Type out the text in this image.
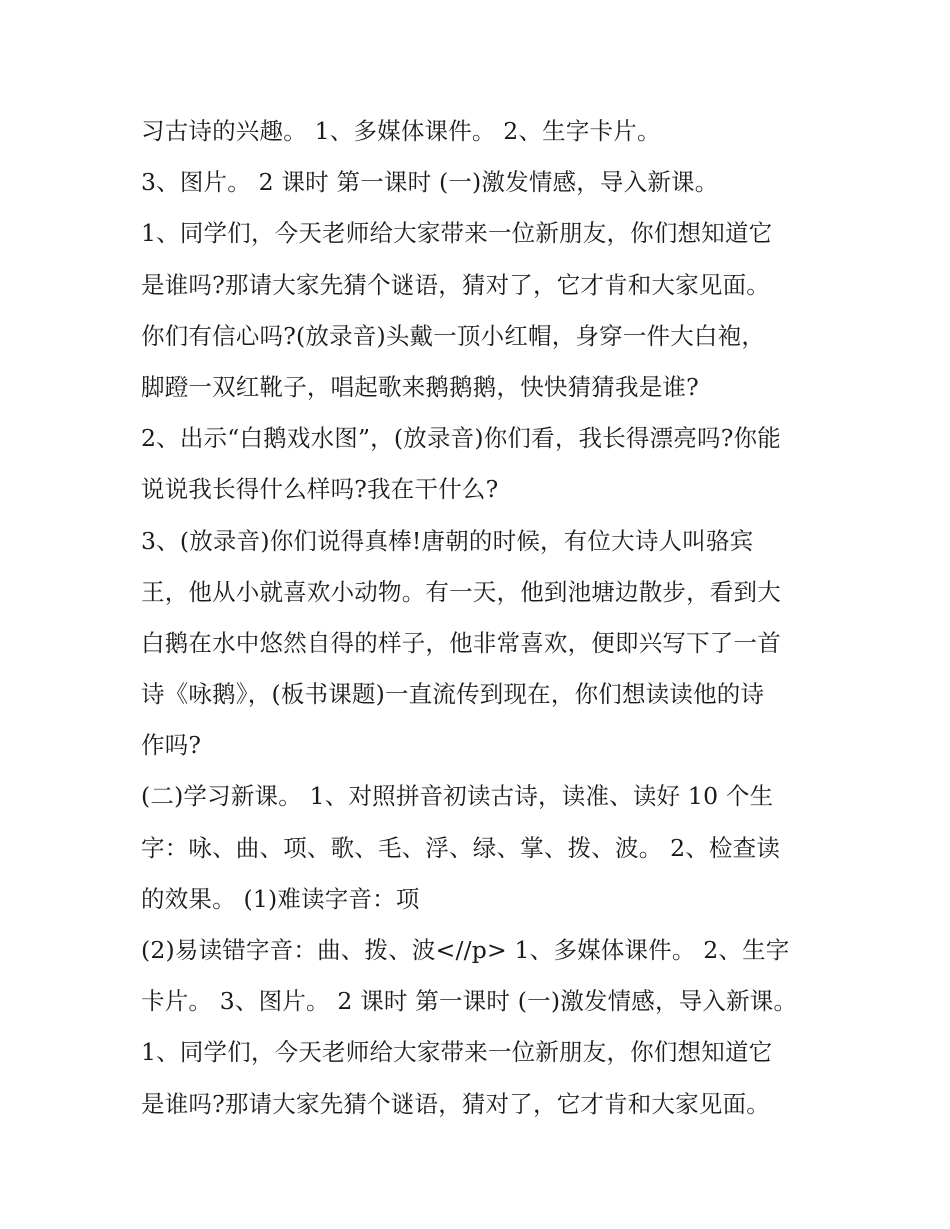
习古诗的兴趣。 1、多媒体课件。 2、生字卡片。
3、图片。 2 课时 第一课时 (一)激发情感，导入新课。
1、同学们，今天老师给大家带来一位新朋友，你们想知道它
是谁吗?那请大家先猜个谜语，猜对了，它才肯和大家见面。
你们有信心吗?(放录音)头戴一顶小红帽，身穿一件大白袍，
脚蹬一双红靴子，唱起歌来鹅鹅鹅，快快猜猜我是谁?
2、出示“白鹅戏水图”，(放录音)你们看，我长得漂亮吗?你能
说说我长得什么样吗?我在干什么?
3、(放录音)你们说得真棒!唐朝的时候，有位大诗人叫骆宾
王，他从小就喜欢小动物。有一天，他到池塘边散步，看到大
白鹅在水中悠然自得的样子，他非常喜欢，便即兴写下了一首
诗《咏鹅》，(板书课题)一直流传到现在，你们想读读他的诗
作吗?
(二)学习新课。 1、对照拼音初读古诗，读准、读好 10 个生
字：咏、曲、项、歌、毛、浮、绿、掌、拨、波。 2、检查读
的效果。 (1)难读字音：项
(2)易读错字音：曲、拨、波<//p> 1、多媒体课件。 2、生字
卡片。 3、图片。 2 课时 第一课时 (一)激发情感，导入新课。
1、同学们，今天老师给大家带来一位新朋友，你们想知道它
是谁吗?那请大家先猜个谜语，猜对了，它才肯和大家见面。
